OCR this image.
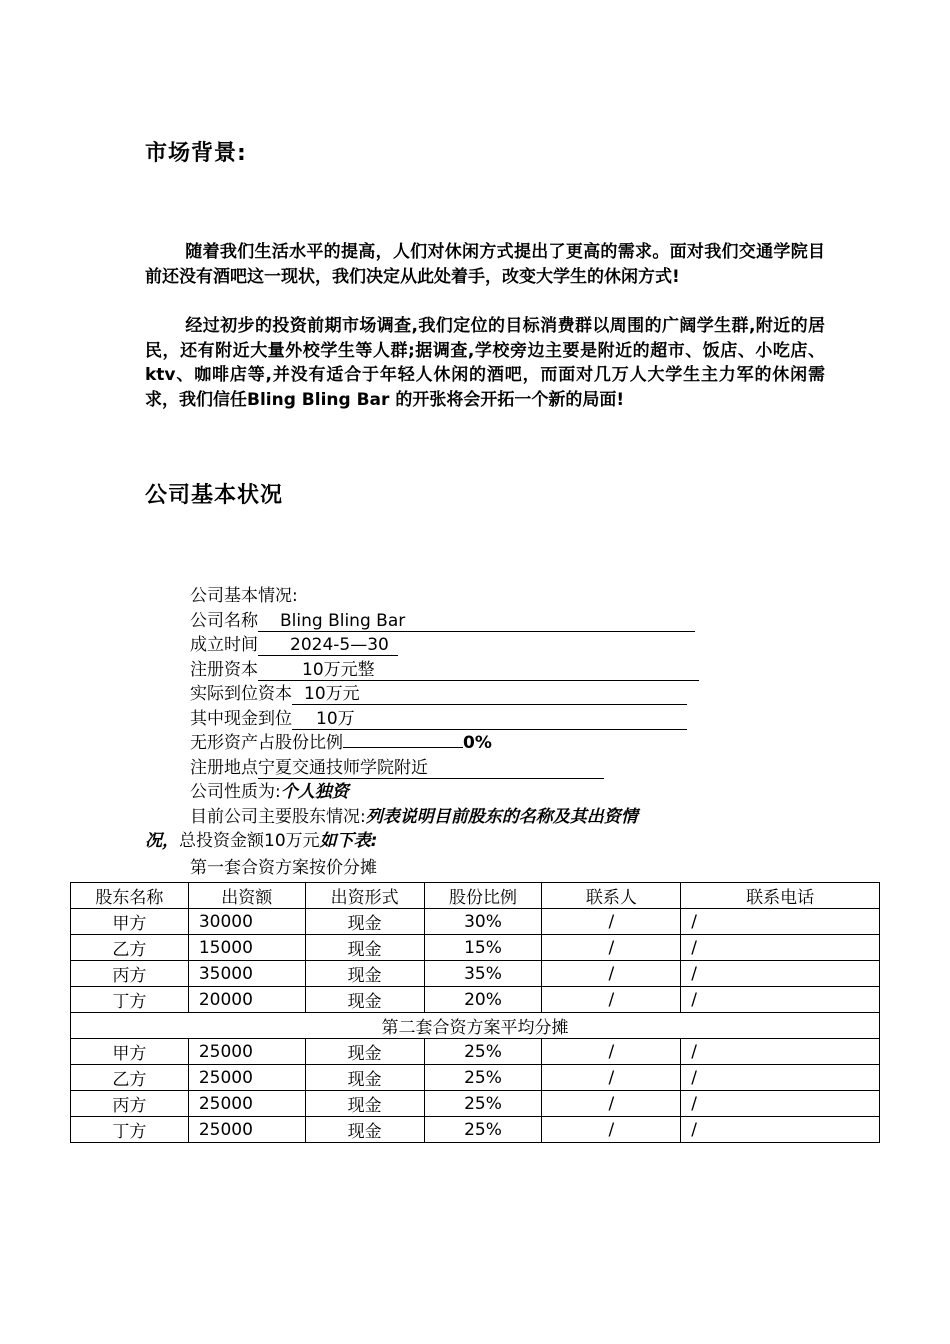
市场背景:

随着我们生活水平的提高，人们对休闲方式提出了更高的需求。面对我们交通学院目前还没有酒吧这一现状，我们决定从此处着手，改变大学生的休闲方式!

经过初步的投资前期市场调查,我们定位的目标消费群以周围的广阔学生群,附近的居民，还有附近大量外校学生等人群;据调查,学校旁边主要是附近的超市、饭店、小吃店、ktv、咖啡店等,并没有适合于年轻人休闲的酒吧，而面对几万人大学生主力军的休闲需求，我们信任Bling Bling Bar 的开张将会开拓一个新的局面!

公司基本状况
公司基本情况:
公司名称 Bling Bling Bar
成立时间 2024-5—30
注册资本	10万元整
实际到位资本 10万元
其中现金到位 10万
无形资产占股份比例	0%
注册地点宁夏交通技师学院附近
公司性质为:个人独资
目前公司主要股东情况:列表说明目前股东的名称及其出资情
况，总投资金额10万元如下表:
第一套合资方案按价分摊
股东名称	出资额	出资形式	股份比例	联系人	联系电话
甲方	30000	现金	30%	/	/
乙方	15000	现金	15%	/	/
丙方	35000	现金	35%	/	/
丁方	20000	现金	20%	/	/
第二套合资方案平均分摊					
甲方	25000	现金	25%	/	/
乙方	25000	现金	25%	/	/
丙方	25000	现金	25%	/	/
丁方	25000	现金	25%	/	/
